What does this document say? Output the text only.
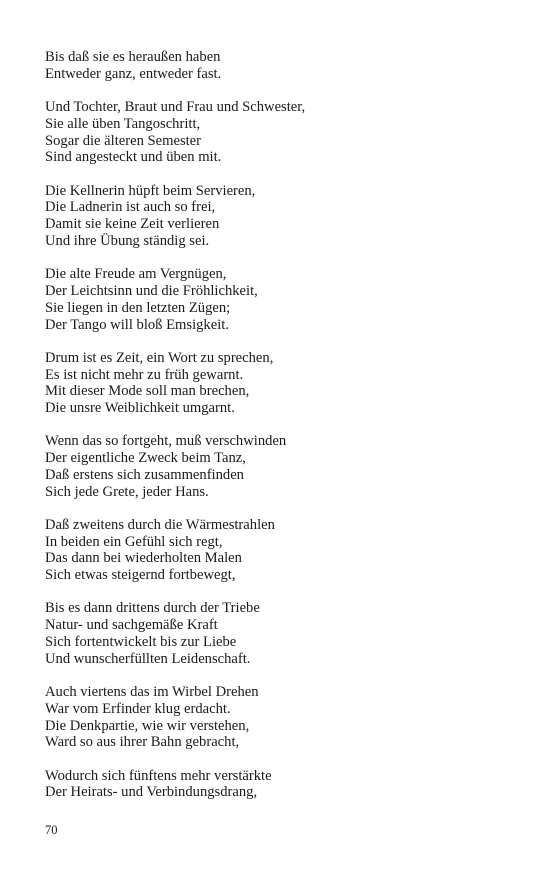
Bis daß sie es heraußen haben
Entweder ganz, entweder fast.
Und Tochter, Braut und Frau und Schwester,
Sie alle üben Tangoschritt,
Sogar die älteren Semester
Sind angesteckt und üben mit.
Die Kellnerin hüpft beim Servieren,
Die Ladnerin ist auch so frei,
Damit sie keine Zeit verlieren
Und ihre Übung ständig sei.
Die alte Freude am Vergnügen,
Der Leichtsinn und die Fröhlichkeit,
Sie liegen in den letzten Zügen;
Der Tango will bloß Emsigkeit.
Drum ist es Zeit, ein Wort zu sprechen,
Es ist nicht mehr zu früh gewarnt.
Mit dieser Mode soll man brechen,
Die unsre Weiblichkeit umgarnt.
Wenn das so fortgeht, muß verschwinden
Der eigentliche Zweck beim Tanz,
Daß erstens sich zusammenfinden
Sich jede Grete, jeder Hans.
Daß zweitens durch die Wärmestrahlen
In beiden ein Gefühl sich regt,
Das dann bei wiederholten Malen
Sich etwas steigernd fortbewegt,
Bis es dann drittens durch der Triebe
Natur- und sachgemäße Kraft
Sich fortentwickelt bis zur Liebe
Und wunscherfüllten Leidenschaft.
Auch viertens das im Wirbel Drehen
War vom Erfinder klug erdacht.
Die Denkpartie, wie wir verstehen,
Ward so aus ihrer Bahn gebracht,
Wodurch sich fünftens mehr verstärkte
Der Heirats- und Verbindungsdrang,
70
